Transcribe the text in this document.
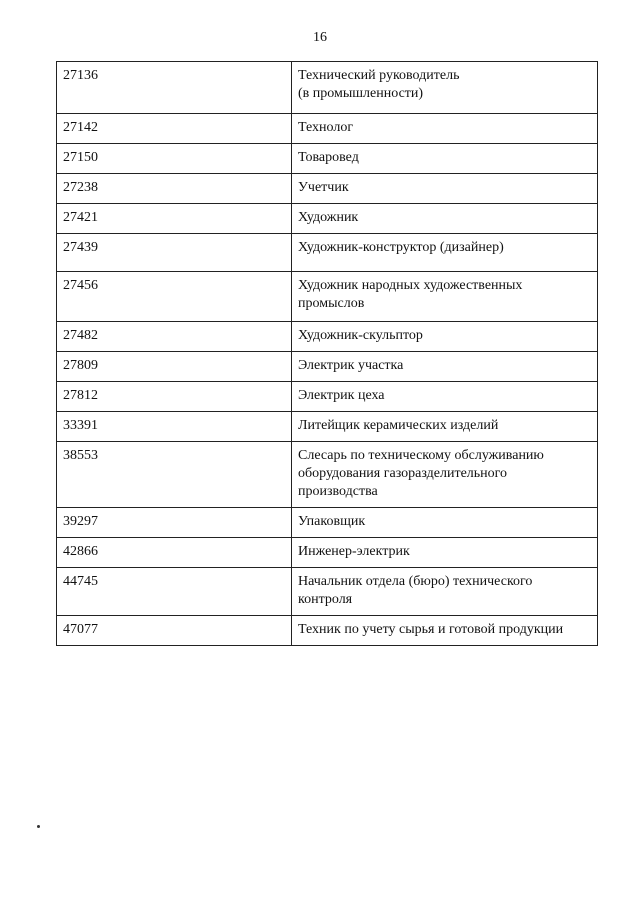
16
27136	Технический руководитель
(в промышленности)
27142	Технолог
27150	Товаровед
27238	Учетчик
27421	Художник
27439	Художник-конструктор (дизайнер)
27456	Художник народных художественных
промыслов
27482	Художник-скульптор
27809	Электрик участка
27812	Электрик цеха
33391	Литейщик керамических изделий
38553	Слесарь по техническому обслуживанию
оборудования газоразделительного
производства
39297	Упаковщик
42866	Инженер-электрик
44745	Начальник отдела (бюро) технического
контроля
47077	Техник по учету сырья и готовой продукции
